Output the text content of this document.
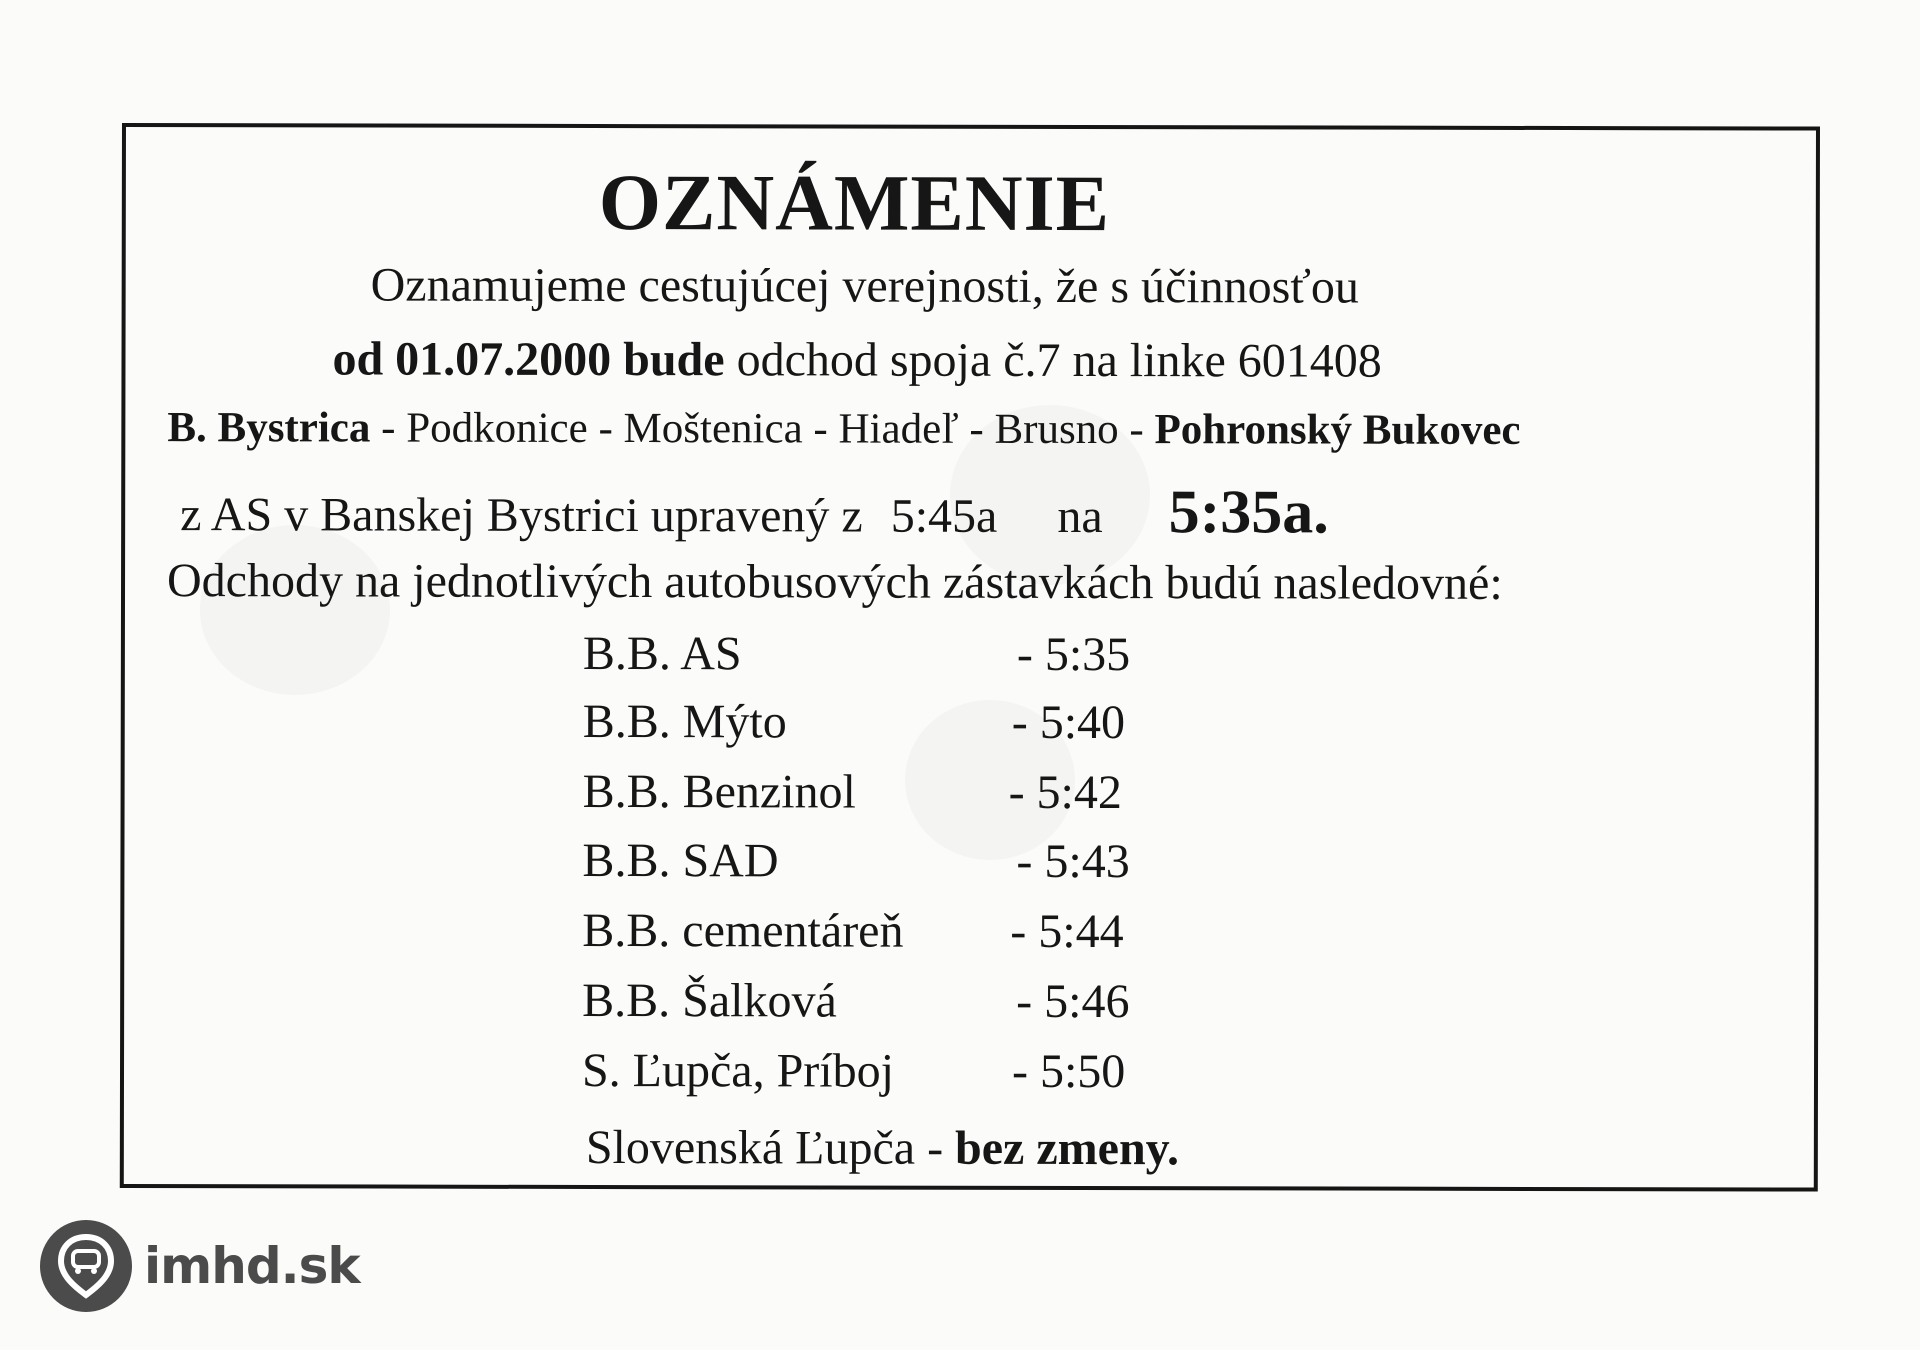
OZNÁMENIE
Oznamujeme cestujúcej verejnosti, že s účinnosťou
od 01.07.2000 bude odchod spoja č.7 na linke 601408
B. Bystrica - Podkonice - Moštenica - Hiadeľ - Brusno - Pohronský Bukovec
z AS v Banskej Bystrici upravený z 5:45a na 5:35a.
Odchody na jednotlivých autobusových zástavkách budú nasledovné:
B.B. AS	- 5:35
B.B. Mýto	- 5:40
B.B. Benzinol	- 5:42
B.B. SAD	- 5:43
B.B. cementáreň - 5:44
B.B. Šalková	- 5:46
S. Ľupča, Príboj - 5:50
Slovenská Ľupča - bez zmeny.
imhd.sk
